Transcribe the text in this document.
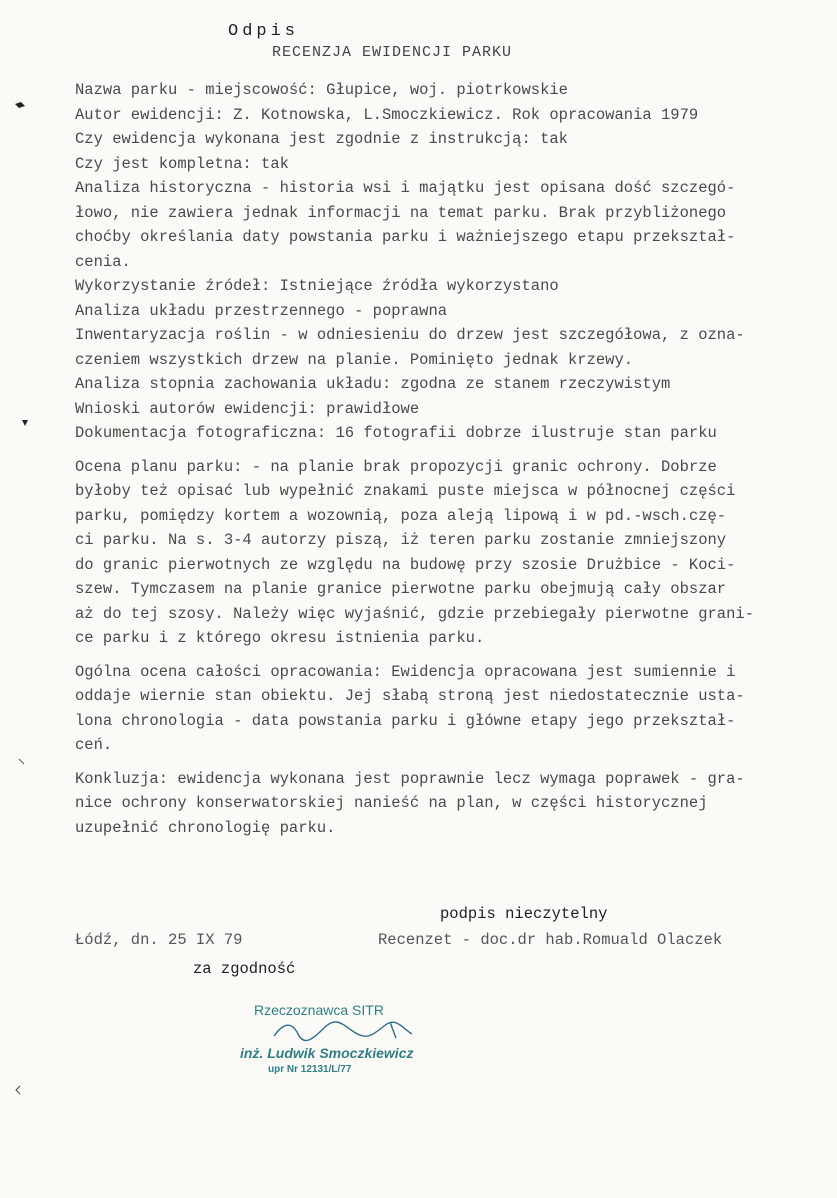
Odpis
RECENZJA EWIDENCJI PARKU
Nazwa parku - miejscowość: Głupice, woj. piotrkowskie
Autor ewidencji: Z. Kotnowska, L.Smoczkiewicz. Rok opracowania 1979
Czy ewidencja wykonana jest zgodnie z instrukcją: tak
Czy jest kompletna: tak
Analiza historyczna - historia wsi i majątku jest opisana dość szczegó-
łowo, nie zawiera jednak informacji na temat parku. Brak przybliżonego
choćby określania daty powstania parku i ważniejszego etapu przekształ-
cenia.
Wykorzystanie źródeł: Istniejące źródła wykorzystano
Analiza układu przestrzennego - poprawna
Inwentaryzacja roślin - w odniesieniu do drzew jest szczegółowa, z ozna-
czeniem wszystkich drzew na planie. Pominięto jednak krzewy.
Analiza stopnia zachowania układu: zgodna ze stanem rzeczywistym
Wnioski autorów ewidencji: prawidłowe
Dokumentacja fotograficzna: 16 fotografii dobrze ilustruje stan parku
Ocena planu parku: - na planie brak propozycji granic ochrony. Dobrze
byłoby też opisać lub wypełnić znakami puste miejsca w północnej części
parku, pomiędzy kortem a wozownią, poza aleją lipową i w pd.-wsch.czę-
ci parku. Na s. 3-4 autorzy piszą, iż teren parku zostanie zmniejszony
do granic pierwotnych ze względu na budowę przy szosie Drużbice - Koci-
szew. Tymczasem na planie granice pierwotne parku obejmują cały obszar
aż do tej szosy. Należy więc wyjaśnić, gdzie przebiegały pierwotne grani-
ce parku i z którego okresu istnienia parku.
Ogólna ocena całości opracowania: Ewidencja opracowana jest sumiennie i
oddaje wiernie stan obiektu. Jej słabą stroną jest niedostatecznie usta-
lona chronologia - data powstania parku i główne etapy jego przekształ-
ceń.
Konkluzja: ewidencja wykonana jest poprawnie lecz wymaga poprawek - gra-
nice ochrony konserwatorskiej nanieść na plan, w części historycznej
uzupełnić chronologię parku.
podpis nieczytelny
Łódź, dn. 25 IX 79	Recenzet - doc.dr hab.Romuald Olaczek
za zgodność
Rzeczoznawca SITR
inż. Ludwik Smoczkiewicz
upr Nr 12131/L/77
